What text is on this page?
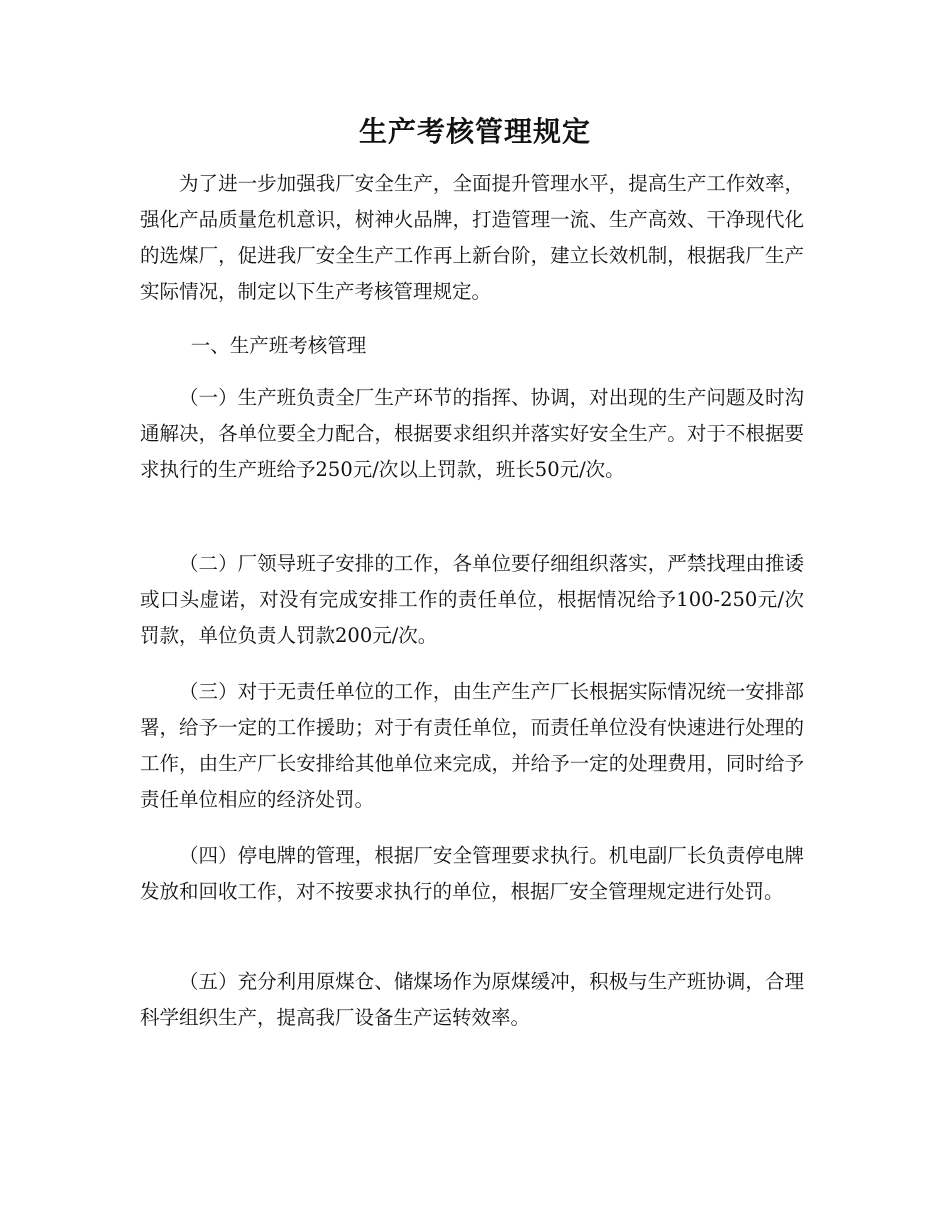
生产考核管理规定

为了进一步加强我厂安全生产，全面提升管理水平，提高生产工作效率，强化产品质量危机意识，树神火品牌，打造管理一流、生产高效、干净现代化的选煤厂，促进我厂安全生产工作再上新台阶，建立长效机制，根据我厂生产实际情况，制定以下生产考核管理规定。

一、生产班考核管理

（一）生产班负责全厂生产环节的指挥、协调，对出现的生产问题及时沟通解决，各单位要全力配合，根据要求组织并落实好安全生产。对于不根据要求执行的生产班给予250元/次以上罚款，班长50元/次。

（二）厂领导班子安排的工作，各单位要仔细组织落实，严禁找理由推诿或口头虚诺，对没有完成安排工作的责任单位，根据情况给予100-250元/次罚款，单位负责人罚款200元/次。

（三）对于无责任单位的工作，由生产生产厂长根据实际情况统一安排部署，给予一定的工作援助；对于有责任单位，而责任单位没有快速进行处理的工作，由生产厂长安排给其他单位来完成，并给予一定的处理费用，同时给予责任单位相应的经济处罚。

（四）停电牌的管理，根据厂安全管理要求执行。机电副厂长负责停电牌发放和回收工作，对不按要求执行的单位，根据厂安全管理规定进行处罚。

（五）充分利用原煤仓、储煤场作为原煤缓冲，积极与生产班协调，合理科学组织生产，提高我厂设备生产运转效率。
